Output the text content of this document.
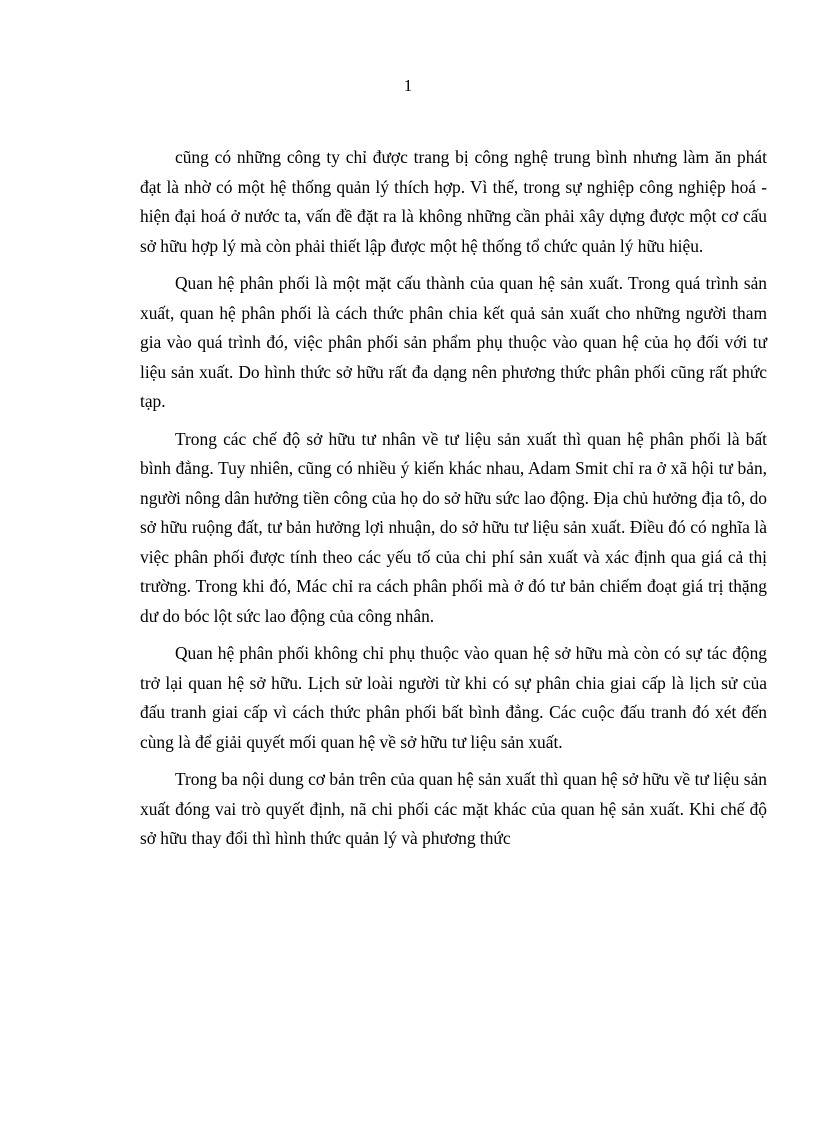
1

cũng có những công ty chỉ được trang bị công nghệ trung bình nhưng làm ăn phát đạt là nhờ có một hệ thống quản lý thích hợp. Vì thế, trong sự nghiệp công nghiệp hoá - hiện đại hoá ở nước ta, vấn đề đặt ra là không những cần phải xây dựng được một cơ cấu sở hữu hợp lý mà còn phải thiết lập được một hệ thống tổ chức quản lý hữu hiệu.

Quan hệ phân phối là một mặt cấu thành của quan hệ sản xuất. Trong quá trình sản xuất, quan hệ phân phối là cách thức phân chia kết quả sản xuất cho những người tham gia vào quá trình đó, việc phân phối sản phẩm phụ thuộc vào quan hệ của họ đối với tư liệu sản xuất. Do hình thức sở hữu rất đa dạng nên phương thức phân phối cũng rất phức tạp.

Trong các chế độ sở hữu tư nhân về tư liệu sản xuất thì quan hệ phân phối là bất bình đẳng. Tuy nhiên, cũng có nhiều ý kiến khác nhau, Adam Smit chỉ ra ở xã hội tư bản, người nông dân hưởng tiền công của họ do sở hữu sức lao động. Địa chủ hưởng địa tô, do sở hữu ruộng đất, tư bản hưởng lợi nhuận, do sở hữu tư liệu sản xuất. Điều đó có nghĩa là việc phân phối được tính theo các yếu tố của chi phí sản xuất và xác định qua giá cả thị trường. Trong khi đó, Mác chỉ ra cách phân phối mà ở đó tư bản chiếm đoạt giá trị thặng dư do bóc lột sức lao động của công nhân.

Quan hệ phân phối không chỉ phụ thuộc vào quan hệ sở hữu mà còn có sự tác động trở lại quan hệ sở hữu. Lịch sử loài người từ khi có sự phân chia giai cấp là lịch sử của đấu tranh giai cấp vì cách thức phân phối bất bình đẳng. Các cuộc đấu tranh đó xét đến cùng là để giải quyết mối quan hệ về sở hữu tư liệu sản xuất.

Trong ba nội dung cơ bản trên của quan hệ sản xuất thì quan hệ sở hữu về tư liệu sản xuất đóng vai trò quyết định, nã chi phối các mặt khác của quan hệ sản xuất. Khi chế độ sở hữu thay đổi thì hình thức quản lý và phương thức
